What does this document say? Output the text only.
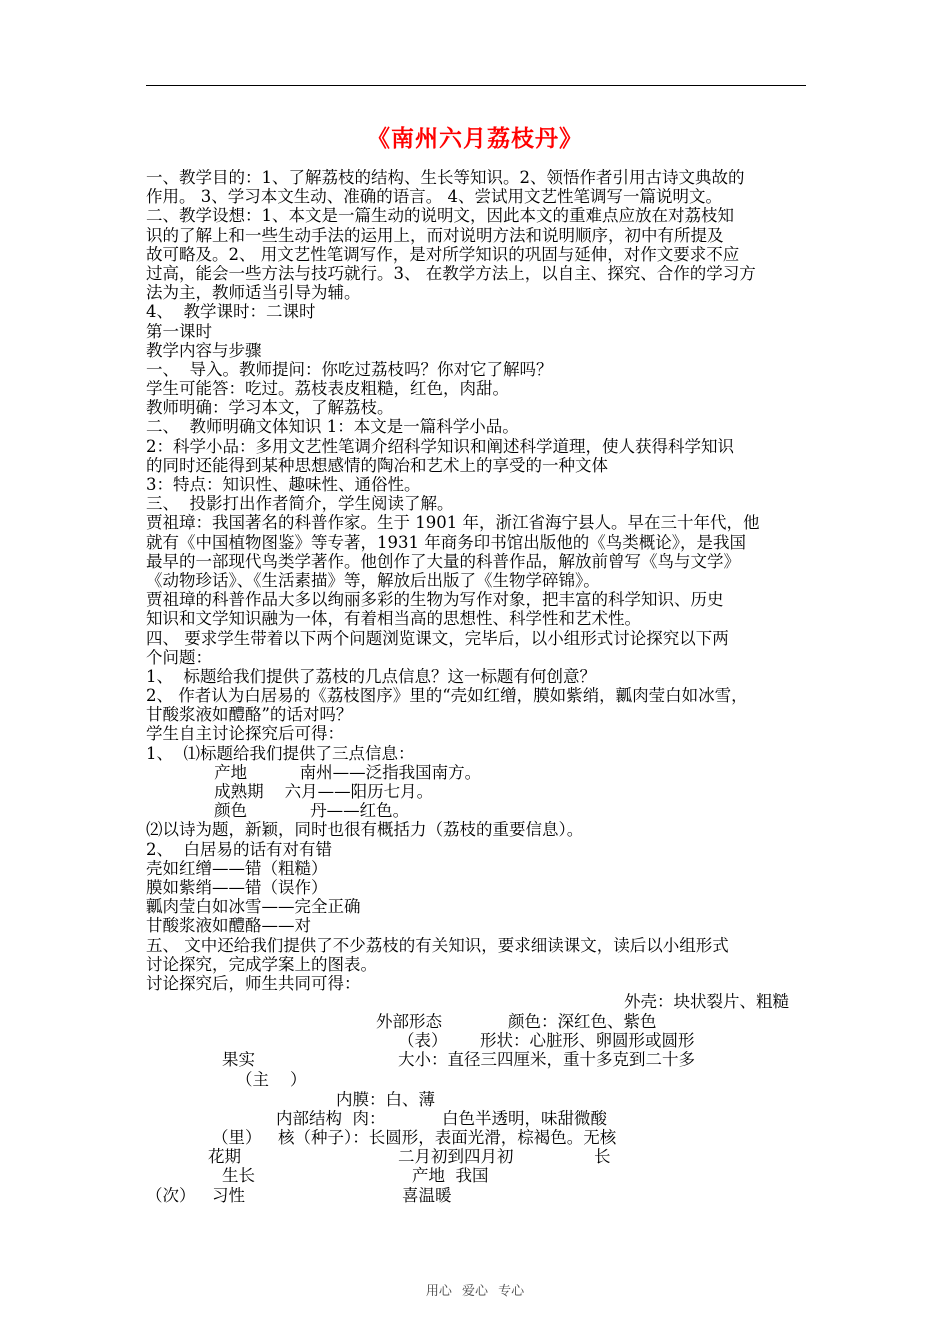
《南州六月荔枝丹》
一、教学目的：1、了解荔枝的结构、生长等知识。2、领悟作者引用古诗文典故的
作用。 3、学习本文生动、准确的语言。 4、尝试用文艺性笔调写一篇说明文。
二、教学设想：1、本文是一篇生动的说明文，因此本文的重难点应放在对荔枝知
识的了解上和一些生动手法的运用上，而对说明方法和说明顺序，初中有所提及
故可略及。2、 用文艺性笔调写作，是对所学知识的巩固与延伸，对作文要求不应
过高，能会一些方法与技巧就行。3、 在教学方法上，以自主、探究、合作的学习方
法为主，教师适当引导为辅。
4、  教学课时：二课时
第一课时
教学内容与步骤
一、  导入。教师提问：你吃过荔枝吗？你对它了解吗？
学生可能答：吃过。荔枝表皮粗糙，红色，肉甜。
教师明确：学习本文，了解荔枝。
二、  教师明确文体知识 1：本文是一篇科学小品。
2：科学小品：多用文艺性笔调介绍科学知识和阐述科学道理，使人获得科学知识
的同时还能得到某种思想感情的陶冶和艺术上的享受的一种文体
3：特点：知识性、趣味性、通俗性。
三、  投影打出作者简介，学生阅读了解。
贾祖璋：我国著名的科普作家。生于 1901 年，浙江省海宁县人。早在三十年代，他
就有《中国植物图鉴》等专著，1931 年商务印书馆出版他的《鸟类概论》，是我国
最早的一部现代鸟类学著作。他创作了大量的科普作品，解放前曾写《鸟与文学》
《动物珍话》、《生活素描》等，解放后出版了《生物学碎锦》。
贾祖璋的科普作品大多以绚丽多彩的生物为写作对象，把丰富的科学知识、历史
知识和文学知识融为一体，有着相当高的思想性、科学性和艺术性。
四、 要求学生带着以下两个问题浏览课文，完毕后，以小组形式讨论探究以下两
个问题：
1、  标题给我们提供了荔枝的几点信息？这一标题有何创意？
2、 作者认为白居易的《荔枝图序》里的“壳如红缯，膜如紫绡，瓤肉莹白如冰雪，
甘酸浆液如醴酪”的话对吗？
学生自主讨论探究后可得：
1、  ⑴标题给我们提供了三点信息：
产地          南州——泛指我国南方。
成熟期    六月——阳历七月。
颜色            丹——红色。
⑵以诗为题，新颖，同时也很有概括力（荔枝的重要信息）。
2、  白居易的话有对有错
壳如红缯——错（粗糙）
膜如紫绡——错（误作）
瓤肉莹白如冰雪——完全正确
甘酸浆液如醴酪——对
五、 文中还给我们提供了不少荔枝的有关知识，要求细读课文，读后以小组形式
讨论探究，完成学案上的图表。
讨论探究后，师生共同可得：
外壳：块状裂片、粗糙
外部形态	颜色：深红色、紫色
（表） 形状：心脏形、卵圆形或圆形
果实	大小：直径三四厘米，重十多克到二十多
（主    ）
内膜：白、薄
内部结构  肉：	白色半透明，味甜微酸
（里） 核（种子）：长圆形，表面光滑，棕褐色。无核
花期	二月初到四月初	长
生长	产地  我国
（次） 习性	喜温暖
用心 爱心 专心
